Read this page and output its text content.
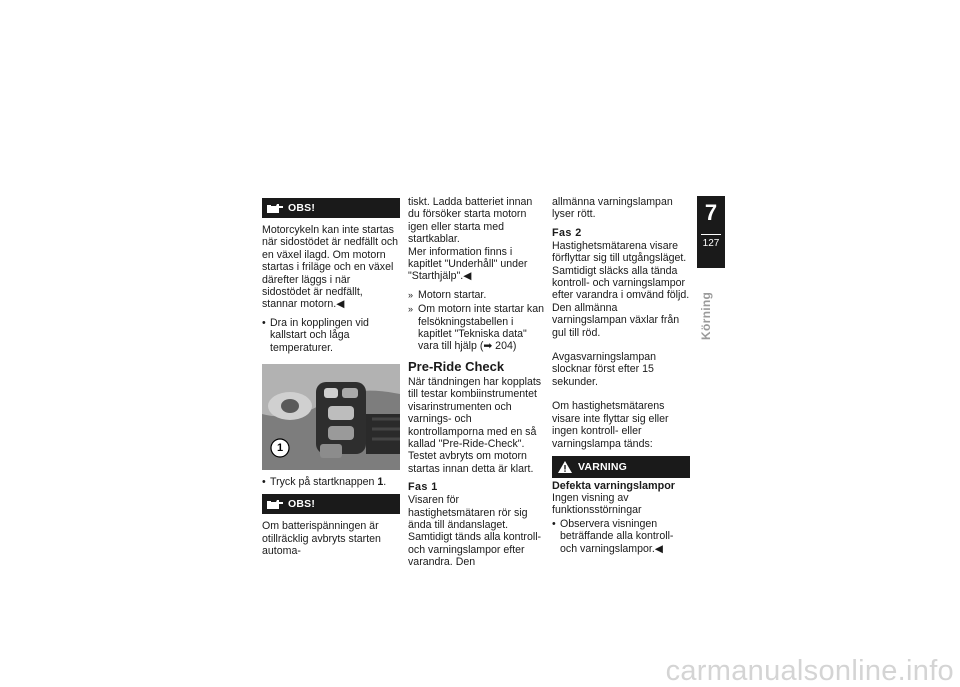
OBS!

Motorcykeln kan inte startas när sidostödet är nedfällt och en växel ilagd. Om motorn startas i friläge och en växel därefter läggs i när sidostödet är nedfällt, stannar motorn.◀

• Dra in kopplingen vid kallstart och låga temperaturer.
1
• Tryck på startknappen 1.
OBS!

Om batterispänningen är otillräcklig avbryts starten automa-

tiskt. Ladda batteriet innan du försöker starta motorn igen eller starta med startkablar.

Mer information finns i kapitlet "Underhåll" under "Starthjälp".◀

» Motorn startar.
» Om motorn inte startar kan felsökningstabellen i kapitlet "Tekniska data" vara till hjälp (➡ 204)
Pre-Ride Check

När tändningen har kopplats till testar kombiinstrumentet visarinstrumenten och varnings- och kontrollamporna med en så kallad "Pre-Ride-Check". Testet avbryts om motorn startas innan detta är klart.

Fas 1

Visaren för hastighetsmätaren rör sig ända till ändanslaget. Samtidigt tänds alla kontroll- och varningslampor efter varandra. Den

allmänna varningslampan lyser rött.

Fas 2

Hastighetsmätarena visare förflyttar sig till utgångsläget. Samtidigt släcks alla tända kontroll- och varningslampor efter varandra i omvänd följd. Den allmänna varningslampan växlar från gul till röd.

Avgasvarningslampan slocknar först efter 15 sekunder.

Om hastighetsmätarens visare inte flyttar sig eller ingen kontroll- eller varningslampa tänds:

VARNING
Defekta varningslampor

Ingen visning av funktionsstörningar

• Observera visningen beträffande alla kontroll- och varningslampor.◀
7
127
Körning
carmanualsonline.info
